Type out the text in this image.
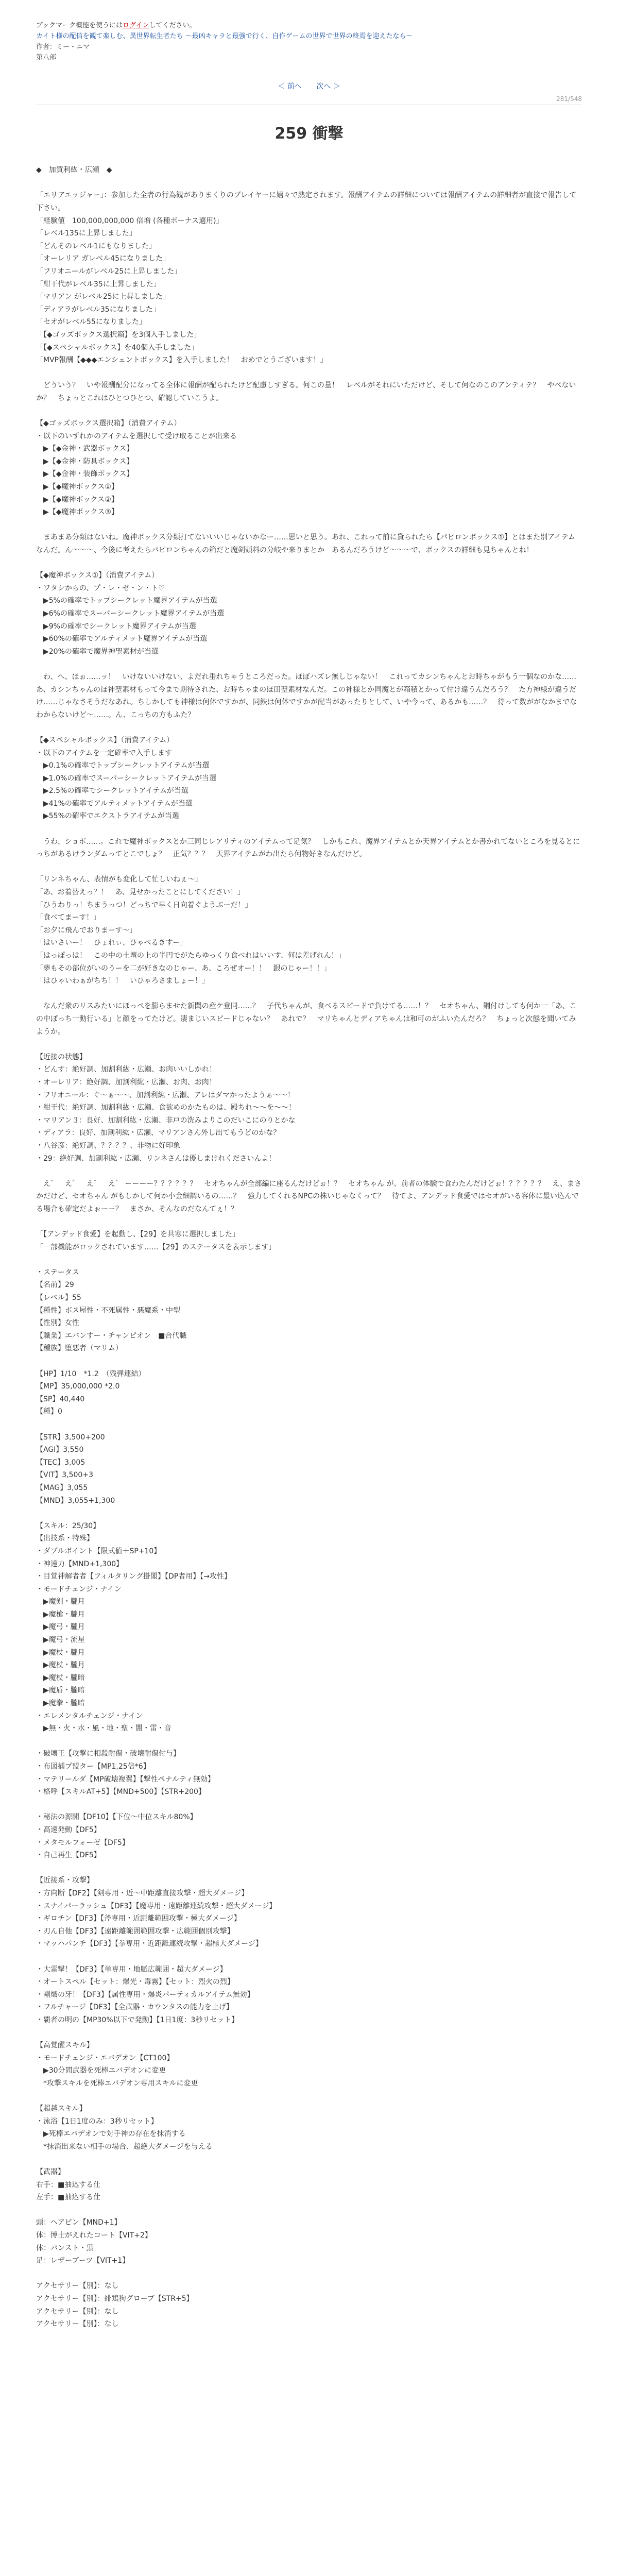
ブックマーク機能を使うにはログインしてください。
カイト様の配信を観て楽しむ、異世界転生者たち ～最凶キャラと最強で行く、自作ゲームの世界で世界の終焉を迎えたなら～
作者：ミー・ニマ
第八部
＜ 前へ 次へ ＞
281/548
259 衝撃
◆　加賀利紘・広瀬　◆

「エリアエッジャー」：参加した全者の行為観がありまくりのブレイヤーに嬉々で熟定されます。報酬アイテムの詳細については報酬アイテムの詳細者が直接で報告して下さい。
「経験値　100,000,000,000 倍増 (各種ボーナス適用)」
「レベル135に上昇しました」
「どんそのレベル1にもなりました」
「オーレリア ガレベル45になりました」
「フリオニールがレベル25に上昇しました」
「紺干代がレベル35に上昇しました」
「マリアン がレベル25に上昇しました」
「ディアラがレベル35になりました」
「セオがレベル55になりました」
「【◆ゴッズボックス選択箱】を3個入手しました」
「【◆スペシャルボックス】を40個入手しました」
「MVP報酬【◆◆◆エンシェントボックス】を入手しました！　おめでとうございます！」

　どういう？　いや報酬配分になってる全体に報酬が配られたけど配慮しすぎる。何この量！　レベルがそれにいただけど、そして何なのこのアンティテ？　やべないか？　ちょっとこれはひとつひとつ、確認していこうよ。

【◆ゴッズボックス選択箱】（消費アイテム）
・以下のいずれかのアイテムを選択して受け取ることが出来る
　▶【◆金神・武器ボックス】
　▶【◆金神・防具ボックス】
　▶【◆金神・装飾ボックス】
　▶【◆魔神ボックス①】
　▶【◆魔神ボックス②】
　▶【◆魔神ボックス③】

　まあまあ分類はないね。魔神ボックス分類打てないいいじゃないかなー……思いと思う。あれ、これって前に貸られたら【パピロンボックス①】とはまた別アイテムなんだ。ん〜〜〜、今後に考えたらパピロンちゃんの箱だと魔剣頭料の分岐や来りまとか　あるんだろうけど〜〜〜で、ボックスの詳細も見ちゃんとね！

【◆魔神ボックス①】（消費アイテム）
・ワタシからの、プ・レ・ゼ・ン・ト♡
　▶5%の確率でトップシークレット魔界アイテムが当選
　▶6%の確率でスーパーシークレット魔界アイテムが当選
　▶9%の確率でシークレット魔界アイテムが当選
　▶60%の確率でアルティメット魔界アイテムが当選
　▶20%の確率で魔界神聖素材が当選

　わ、へ、ほぉ……ッ！　いけないいけない、よだれ垂れちゃうところだった。ほぼハズレ無しじゃない！　これってカシンちゃんとお時ちゃがもう一個なのかな……　あ、カシンちゃんのほ神聖素材もって今まで期待された、お時ちゃまのほ田聖素材なんだ。この神様とか同魔とが箱積とかって付け違うんだろう？　た方神様が違うだけ……じゃなさそうだなあれ。ちしかしても神様は何体ですかが、同鉄は何体ですかが配当があったりとして、いや今って、あるかも……？　待って数ががなかまでなわからないけど〜……。ん、こっちの方もふた？

【◆スペシャルボックス】（消費アイテム）
・以下のアイテムを一定確率で入手します
　▶0.1%の確率でトップシークレットアイテムが当選
　▶1.0%の確率でスーパーシークレットアイテムが当選
　▶2.5%の確率でシークレットアイテムが当選
　▶41%の確率でアルティメットアイテムが当選
　▶55%の確率でエクストラアイテムが当選

　うわ、ショボ……。これで魔神ボックスとか三同じレアリティのアイテムって足気？　しかもこれ、魔界アイテムとか天界アイテムとか書かれてないところを見るとにっちがあるけランダムってとこでしょ？　正気？？？　天界アイテムがわ出たら何物好きなんだけど。

「リンネちゃん、表情がも変化して忙しいねぇ～」
「あ、お着替えっ？！　あ、見せかったことにしてください！」
「ひうわりっ！ちまうっつ！どっちで早く日向着ぐようぶーだ！」
「食べてまーす！」
「お夕に飛んでおりまーす〜」
「はいさいー！　ひょれぃ、ひゃべるきすー」
「はっぽっは！　この中の土壇の上の半円でがたらゆっくり食べれはいいす、何は差げれん！」
「夢もその部位がいのうーを二が好きなのじゃー、あ、ころぜオー！！　銀のじゃー！！」
「はひゃいわぁがちち！！　いひゃろさましょー！」

　なんだ衆のリスみたいにほっぺを膨らませた新聞の産ケ登同……？　子代ちゃんが、食べるスピードで負けてる……！？　セオちゃん、鋼付けしても何か一「あ、この中ぽっち一動行いる」と顔をってたけど。凄まじいスピードじゃない？　あれで？　マリちゃんとディアちゃんは和可のがふいたんだろ？　ちょっと次態を聞いてみようか。

【近接の状態】
・どんす：絶好調、加割利紘・広瀬、お肉いいしかれ！
・オーレリア：絶好調、加割利紘・広瀬、お肉、お肉！
・フリオニール：ぐ〜ぁ〜〜、加割利紘・広瀬、アレはダマかったようぁ〜〜！
・紺干代：絶好調、加割利紘・広瀬、食欲めのかたものは、殿ちれ〜〜を〜〜！
・マリアン３：良好、加割利紘・広瀬、非戸の洗みよりこのだいこにのりとかな
・ディアラ：良好、加割利紘・広瀬、マリアンさん外し出てもうどのかな？
・八谷彦：絶好調、？？？？、非物に好印象
・29：絶好調、加割利紘・広瀬、リンネさんは優しまけれくださいんよ！

　え゛　え゛　え゛　え゛ ーーーー？？？？？？　セオちゃんが全部編に座るんだけどぉ！？　セオちゃん が、前者の体験で食わたんだけどぉ！？？？？？　え、まさかだけど、セオちゃん がもしかして何か小金細調いるの……？　強力してくれるNPCの株いじゃなくって？　待てよ、アンデッド食愛ではセオがいる容体に最い込んでる場合も確定だよぉーー？　まさか、そんなのだなんてぇ！？

「【アンデッド食愛】を起動し、【29】を共寒に選択しました」
「一部機能がロックされています……【29】のステータスを表示します」

・ステータス
【名前】29
【レベル】55
【種性】ボス屋性・不死属性・悪魔系・中型
【性別】女性
【職業】エバンすー・チャンピオン　■合代職
【種族】堕悪者（マリム）

【HP】1/10　*1.2　（残弾連結）
【MP】35,000,000 *2.0
【SP】40,440
【種】0

【STR】3,500+200
【AGI】3,550
【TEC】3,005
【VIT】3,500+3
【MAG】3,055
【MND】3,055+1,300

【スキル：25/30】
【出技系・特殊】
・ダブルボイント【限式値＋SP+10】
・神速力【MND+1,300】
・目覚神解者者【フィルタリング掛閣】【DP者用】【→攻性】
・モードチェンジ・ナイン
　▶魔剣・朧月
　▶魔槍・朧月
　▶魔弓・朧月
　▶魔弓・流星
　▶魔杖・朧月
　▶魔杖・朧月
　▶魔杖・朧暗
　▶魔盾・朧暗
　▶魔拳・朧暗
・エレメンタルチェンジ・ナイン
　▶無・火・水・風・地・聖・闇・雷・音

・破壊王【攻撃に相殺耐傷・破壊耐傷付与】
・布図捕プ盟ター【MP1,25倍*6】
・マテリールダ【MP破壊複翼】【撃性ペナルティ無効】
・格呼【スキルAT+5】【MND+500】【STR+200】

・秘法の源閣【DF10】【下位～中位スキル80%】
・高速発動【DF5】
・メタモルフォーゼ【DF5】
・自己再生【DF5】

【近接系・攻撃】
・方向断【DF2】【剣専用・近～中距離直接攻撃・超大ダメージ】
・スナイパーラッシュ【DF3】【魔専用・遠距離連続攻撃・超大ダメージ】
・ギロチン【DF3】【斧専用・近距離範囲攻撃・極大ダメージ】
・刃ん自他【DF3】【遠距離範囲範囲攻撃・広範囲個別攻撃】
・マッハパンチ【DF3】【拳専用・近距離連続攻撃・超極大ダメージ】

・大雷撃！【DF3】【単専用・地脈広範囲・超大ダメージ】
・オートスペル【セット：爆光・毒霧】【セット：烈火の烈】
・剛熾の牙！【DF3】【属性専用・爆炎パーティカルアイテム無効】
・フルチャージ【DF3】【全武器・カウンタスの能力を上げ】
・覇者の明の【MP30%以下で発動】【1日1度：3秒リセット】

【高覚醒スキル】
・モードチェンジ・エバデオン【CT100】
　▶30分間武器を死棒エバデオンに変更
　*攻撃スキルを死棒エバデオン専用スキルに変更

【超越スキル】
・泳浴【1日1度のみ：3秒リセット】
　▶死棒エバデオンで対手神の存在を抹消する
　*抹消出来ない相手の場合、超絶大ダメージを与える

【武器】
右手：■抽込する仕
左手：■抽込する仕

頭：ヘアピン【MND+1】
体：博士がえれたコート【VIT+2】
体：パンスト・黒
足：レザーブーツ【VIT+1】

アクセサリー【別】：なし
アクセサリー【別】：緋鶏狗グローブ【STR+5】
アクセサリー【別】：なし
アクセサリー【別】：なし
